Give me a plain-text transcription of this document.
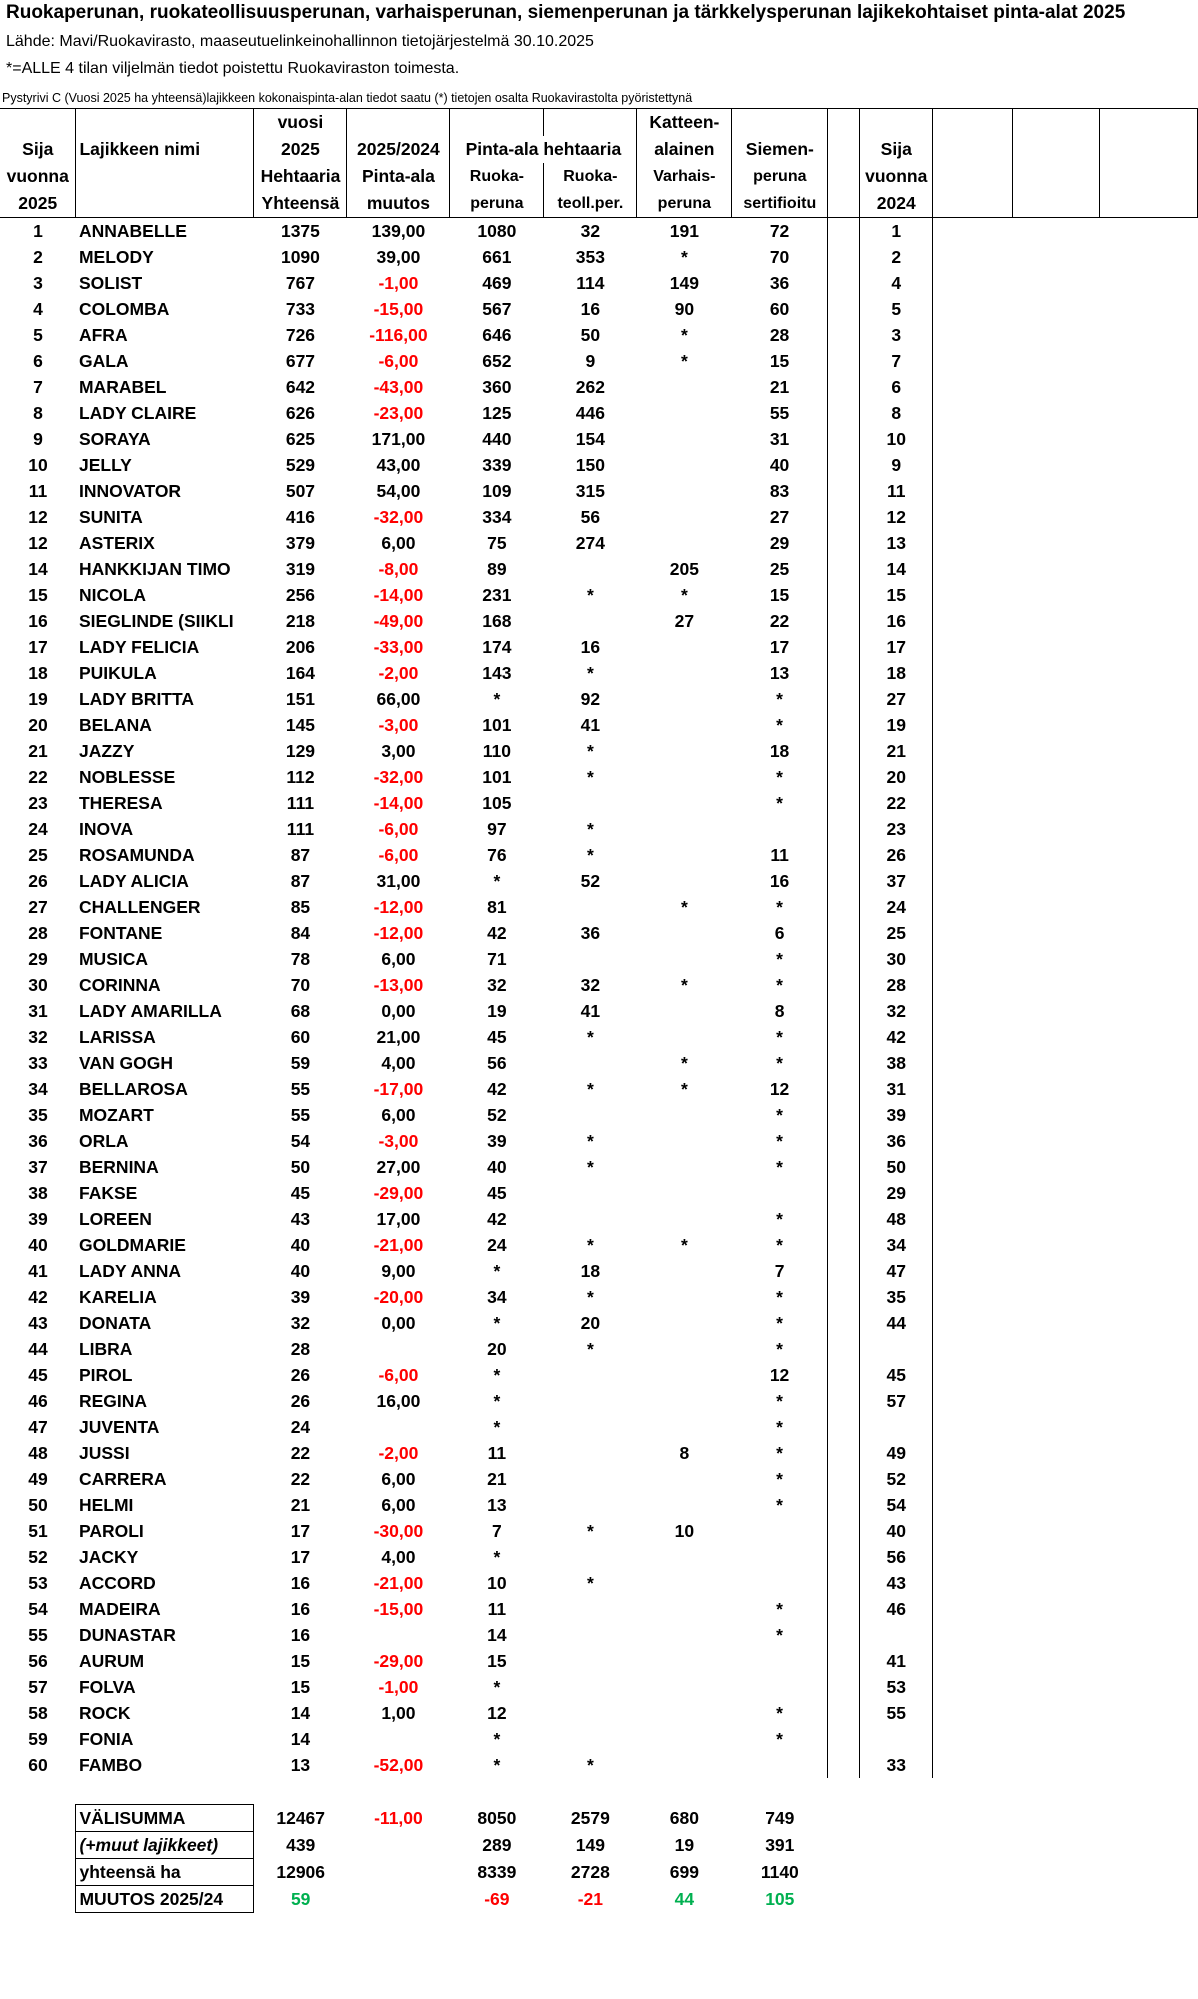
Ruokaperunan, ruokateollisuusperunan, varhaisperunan, siemenperunan ja tärkkelysperunan lajikekohtaiset pinta-alat 2025
Lähde: Mavi/Ruokavirasto, maaseutuelinkeinohallinnon tietojärjestelmä 30.10.2025
*=ALLE 4 tilan viljelmän tiedot poistettu Ruokaviraston toimesta.
Pystyrivi C (Vuosi 2025 ha yhteensä)lajikkeen kokonaispinta-alan tiedot saatu (*) tietojen osalta Ruokavirastolta pyöristettynä
		vuosi				Katteen-						
Sija	Lajikkeen nimi	2025	2025/2024	Pinta-ala hehtaaria		alainen	Siemen-		Sija			
vuonna		Hehtaaria	Pinta-ala	Ruoka-	Ruoka-	Varhais-	peruna		vuonna			
2025		Yhteensä	muutos	peruna	teoll.per.	peruna	sertifioitu		2024			
1	ANNABELLE	1375	139,00	1080	32	191	72		1			
2	MELODY	1090	39,00	661	353	*	70		2			
3	SOLIST	767	-1,00	469	114	149	36		4			
4	COLOMBA	733	-15,00	567	16	90	60		5			
5	AFRA	726	-116,00	646	50	*	28		3			
6	GALA	677	-6,00	652	9	*	15		7			
7	MARABEL	642	-43,00	360	262		21		6			
8	LADY CLAIRE	626	-23,00	125	446		55		8			
9	SORAYA	625	171,00	440	154		31		10			
10	JELLY	529	43,00	339	150		40		9			
11	INNOVATOR	507	54,00	109	315		83		11			
12	SUNITA	416	-32,00	334	56		27		12			
12	ASTERIX	379	6,00	75	274		29		13			
14	HANKKIJAN TIMO	319	-8,00	89		205	25		14			
15	NICOLA	256	-14,00	231	*	*	15		15			
16	SIEGLINDE (SIIKLI	218	-49,00	168		27	22		16			
17	LADY FELICIA	206	-33,00	174	16		17		17			
18	PUIKULA	164	-2,00	143	*		13		18			
19	LADY BRITTA	151	66,00	*	92		*		27			
20	BELANA	145	-3,00	101	41		*		19			
21	JAZZY	129	3,00	110	*		18		21			
22	NOBLESSE	112	-32,00	101	*		*		20			
23	THERESA	111	-14,00	105			*		22			
24	INOVA	111	-6,00	97	*				23			
25	ROSAMUNDA	87	-6,00	76	*		11		26			
26	LADY ALICIA	87	31,00	*	52		16		37			
27	CHALLENGER	85	-12,00	81		*	*		24			
28	FONTANE	84	-12,00	42	36		6		25			
29	MUSICA	78	6,00	71			*		30			
30	CORINNA	70	-13,00	32	32	*	*		28			
31	LADY AMARILLA	68	0,00	19	41		8		32			
32	LARISSA	60	21,00	45	*		*		42			
33	VAN GOGH	59	4,00	56		*	*		38			
34	BELLAROSA	55	-17,00	42	*	*	12		31			
35	MOZART	55	6,00	52			*		39			
36	ORLA	54	-3,00	39	*		*		36			
37	BERNINA	50	27,00	40	*		*		50			
38	FAKSE	45	-29,00	45					29			
39	LOREEN	43	17,00	42			*		48			
40	GOLDMARIE	40	-21,00	24	*	*	*		34			
41	LADY ANNA	40	9,00	*	18		7		47			
42	KARELIA	39	-20,00	34	*		*		35			
43	DONATA	32	0,00	*	20		*		44			
44	LIBRA	28		20	*		*					
45	PIROL	26	-6,00	*			12		45			
46	REGINA	26	16,00	*			*		57			
47	JUVENTA	24		*			*					
48	JUSSI	22	-2,00	11		8	*		49			
49	CARRERA	22	6,00	21			*		52			
50	HELMI	21	6,00	13			*		54			
51	PAROLI	17	-30,00	7	*	10			40			
52	JACKY	17	4,00	*					56			
53	ACCORD	16	-21,00	10	*				43			
54	MADEIRA	16	-15,00	11			*		46			
55	DUNASTAR	16		14			*					
56	AURUM	15	-29,00	15					41			
57	FOLVA	15	-1,00	*					53			
58	ROCK	14	1,00	12			*		55			
59	FONIA	14		*			*					
60	FAMBO	13	-52,00	*	*				33			

	VÄLISUMMA	12467	-11,00	8050	2579	680	749					
	(+muut lajikkeet)	439		289	149	19	391					
	yhteensä ha	12906		8339	2728	699	1140					
	MUUTOS 2025/24	59		-69	-21	44	105					
